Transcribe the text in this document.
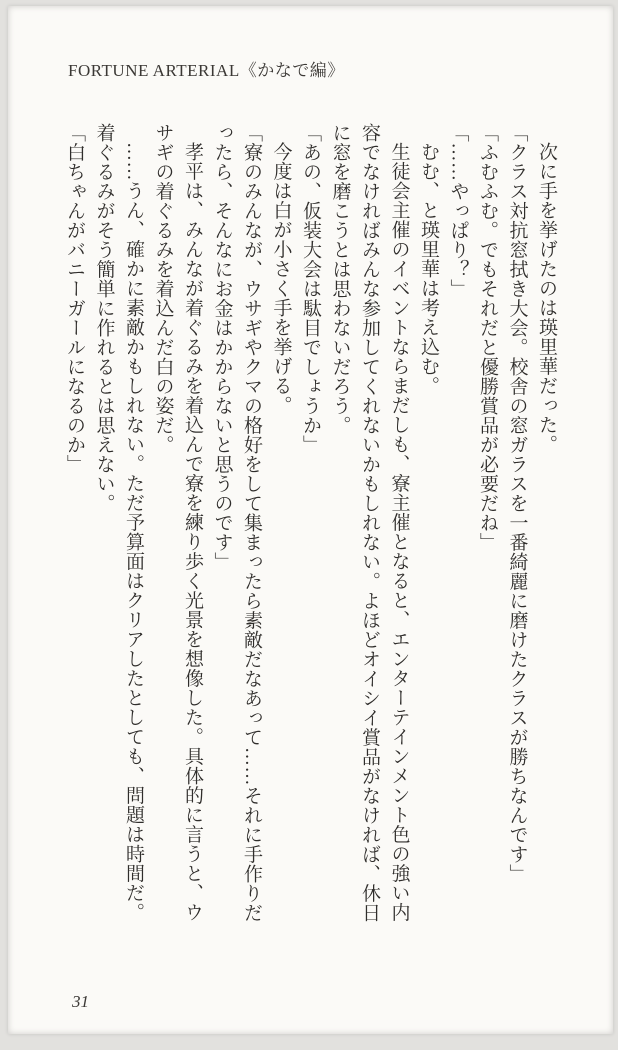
FORTUNE ARTERIAL《かなで編》

次に手を挙げたのは瑛里華だった。

「クラス対抗窓拭き大会。校舎の窓ガラスを一番綺麗に磨けたクラスが勝ちなんです」

「ふむふむ。でもそれだと優勝賞品が必要だね」

「……やっぱり？」

むむ、と瑛里華は考え込む。

生徒会主催のイベントならまだしも、寮主催となると、エンターテインメント色の強い内容でなければみんな参加してくれないかもしれない。よほどオイシイ賞品がなければ、休日に窓を磨こうとは思わないだろう。

「あの、仮装大会は駄目でしょうか」

今度は白が小さく手を挙げる。

「寮のみんなが、ウサギやクマの格好をして集まったら素敵だなあって……それに手作りだったら、そんなにお金はかからないと思うのです」

孝平は、みんなが着ぐるみを着込んで寮を練り歩く光景を想像した。具体的に言うと、ウサギの着ぐるみを着込んだ白の姿だ。

……うん、確かに素敵かもしれない。ただ予算面はクリアしたとしても、問題は時間だ。着ぐるみがそう簡単に作れるとは思えない。

「白ちゃんがバニーガールになるのか」

31
